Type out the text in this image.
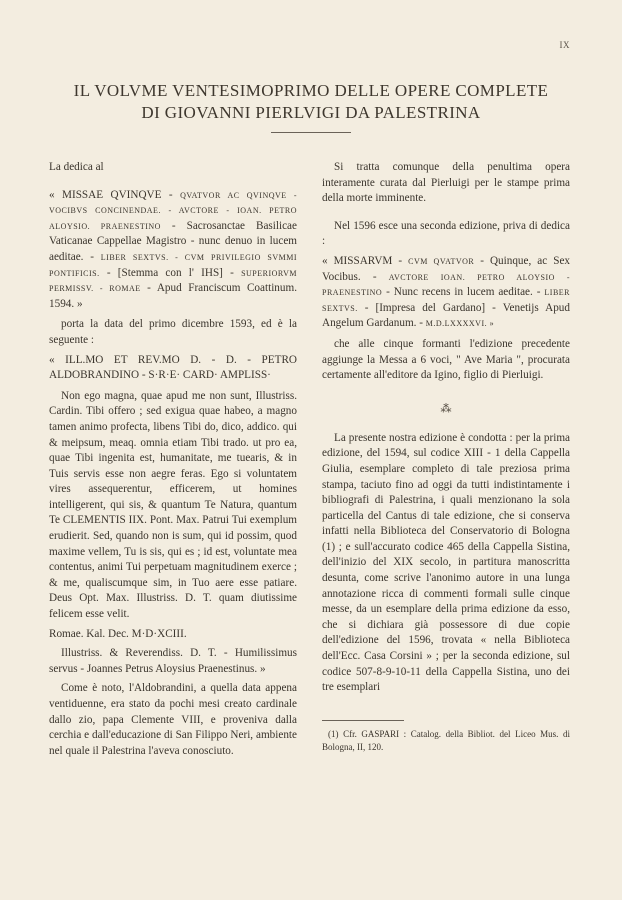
IX
IL VOLVME VENTESIMOPRIMO DELLE OPERE COMPLETE
DI GIOVANNI PIERLVIGI DA PALESTRINA

La dedica al

« MISSAE QVINQVE - QVATVOR AC QVINQVE - VOCIBVS CONCINENDAE. - AVCTORE - IOAN. PETRO ALOYSIO. PRAENESTINO - Sacrosanctae Basilicae Vaticanae Cappellae Magistro - nunc denuo in lucem aeditae. - LIBER SEXTVS. - CVM PRIVILEGIO SVMMI PONTIFICIS. - [Stemma con l' IHS] - SUPERIORVM PERMISSV. - ROMAE - Apud Franciscum Coattinum. 1594. »

porta la data del primo dicembre 1593, ed è la seguente :

« ILL.MO ET REV.MO D. - D. - PETRO ALDOBRANDINO - S·R·E· CARD· AMPLISS·

Non ego magna, quae apud me non sunt, Illustriss. Cardin. Tibi offero ; sed exigua quae habeo, a magno tamen animo profecta, libens Tibi do, dico, addico. qui & meipsum, meaq. omnia etiam Tibi trado. ut pro ea, quae Tibi ingenita est, humanitate, me tuearis, & in Tuis servis esse non aegre feras. Ego si voluntatem vires assequerentur, efficerem, ut homines intelligerent, qui sis, & quantum Te Natura, quantum Te CLEMENTIS IIX. Pont. Max. Patrui Tui exemplum erudierit. Sed, quando non is sum, qui id possim, quod maxime vellem, Tu is sis, qui es ; id est, voluntate mea contentus, animi Tui perpetuam magnitudinem exerce ; & me, qualiscumque sim, in Tuo aere esse patiare. Deus Opt. Max. Illustriss. D. T. quam diutissime felicem esse velit.

Romae. Kal. Dec. M·D·XCIII.

Illustriss. & Reverendiss. D. T. - Humilissimus servus - Joannes Petrus Aloysius Praenestinus. »

Come è noto, l'Aldobrandini, a quella data appena ventiduenne, era stato da pochi mesi creato cardinale dallo zio, papa Clemente VIII, e proveniva dalla cerchia e dall'educazione di San Filippo Neri, ambiente nel quale il Palestrina l'aveva conosciuto.

Si tratta comunque della penultima opera interamente curata dal Pierluigi per le stampe prima della morte imminente.

Nel 1596 esce una seconda edizione, priva di dedica :

« MISSARVM - CVM QVATVOR - Quinque, ac Sex Vocibus. - AVCTORE IOAN. PETRO ALOYSIO - PRAENESTINO - Nunc recens in lucem aeditae. - LIBER SEXTVS. - [Impresa del Gardano] - Venetijs Apud Angelum Gardanum. - M.D.LXXXXVI. »

che alle cinque formanti l'edizione precedente aggiunge la Messa a 6 voci, " Ave Maria ", procurata certamente all'editore da Igino, figlio di Pierluigi.

⁂

La presente nostra edizione è condotta : per la prima edizione, del 1594, sul codice XIII - 1 della Cappella Giulia, esemplare completo di tale preziosa prima stampa, taciuto fino ad oggi da tutti indistintamente i bibliografi di Palestrina, i quali menzionano la sola particella del Cantus di tale edizione, che si conserva infatti nella Biblioteca del Conservatorio di Bologna (1) ; e sull'accurato codice 465 della Cappella Sistina, dell'inizio del XIX secolo, in partitura manoscritta desunta, come scrive l'anonimo autore in una lunga annotazione ricca di commenti formali sulle cinque messe, da un esemplare della prima edizione da esso, che si dichiara già possessore di due copie dell'edizione del 1596, trovata « nella Biblioteca dell'Ecc. Casa Corsini » ; per la seconda edizione, sul codice 507-8-9-10-11 della Cappella Sistina, uno dei tre esemplari

(1) Cfr. GASPARI : Catalog. della Bibliot. del Liceo Mus. di Bologna, II, 120.
